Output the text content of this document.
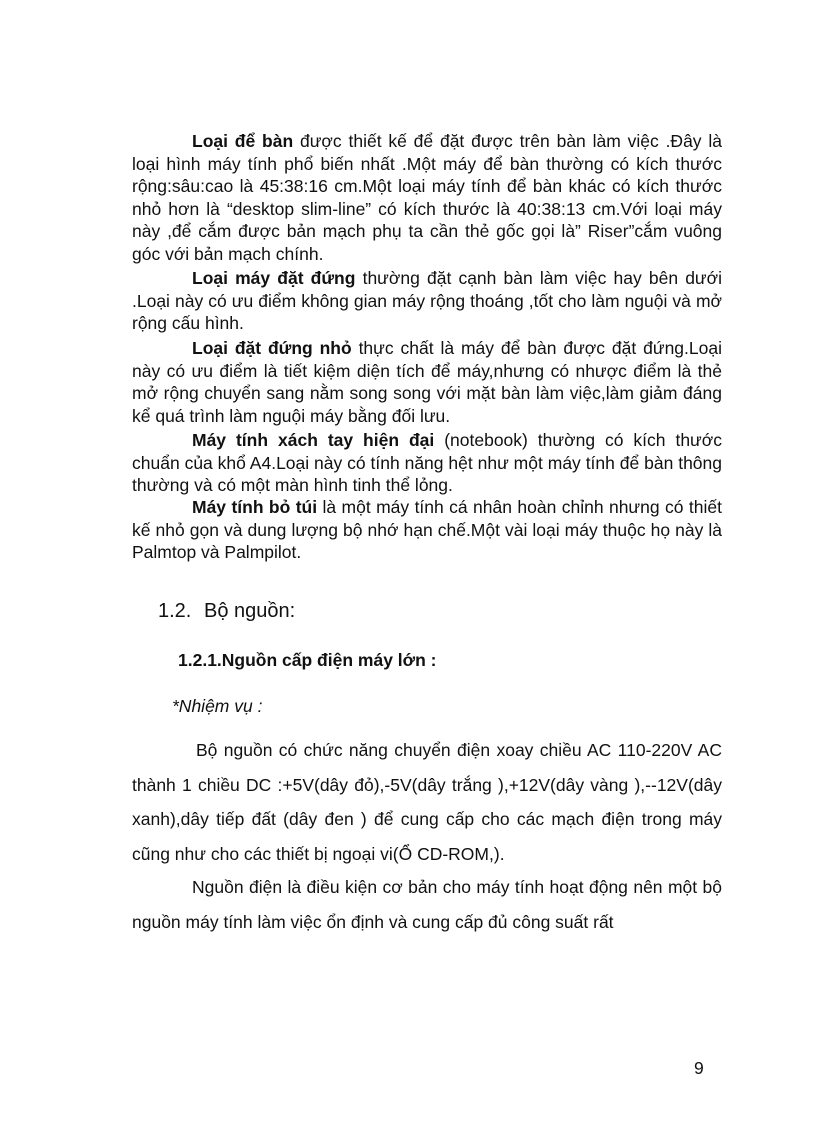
Loại để bàn được thiết kế để đặt được trên bàn làm việc .Đây là loại hình máy tính phổ biến nhất .Một máy để bàn thường có kích thước rộng:sâu:cao là 45:38:16 cm.Một loại máy tính để bàn khác có kích thước nhỏ hơn là “desktop slim-line” có kích thước là 40:38:13 cm.Với loại máy này ,để cắm được bản mạch phụ ta cần thẻ gốc gọi là” Riser”cắm vuông góc với bản mạch chính.

Loại máy đặt đứng thường đặt cạnh bàn làm việc hay bên dưới .Loại này có ưu điểm không gian máy rộng thoáng ,tốt cho làm nguội và mở rộng cấu hình.

Loại đặt đứng nhỏ thực chất là máy để bàn được đặt đứng.Loại này có ưu điểm là tiết kiệm diện tích để máy,nhưng có nhược điểm là thẻ mở rộng chuyển sang nằm song song với mặt bàn làm việc,làm giảm đáng kể quá trình làm nguội máy bằng đối lưu.

Máy tính xách tay hiện đại (notebook) thường có kích thước chuẩn của khổ A4.Loại này có tính năng hệt như một máy tính để bàn thông thường và có một màn hình tinh thể lỏng.

Máy tính bỏ túi là một máy tính cá nhân hoàn chỉnh nhưng có thiết kế nhỏ gọn và dung lượng bộ nhớ hạn chế.Một vài loại máy thuộc họ này là Palmtop và Palmpilot.

1.2. Bộ nguồn:
1.2.1.Nguồn cấp điện máy lớn :

*Nhiệm vụ :

Bộ nguồn có chức năng chuyển điện xoay chiều AC 110-220V AC thành 1 chiều DC :+5V(dây đỏ),-5V(dây trắng ),+12V(dây vàng ),--12V(dây xanh),dây tiếp đất (dây đen ) để cung cấp cho các mạch điện trong máy cũng như cho các thiết bị ngoại vi(Ổ CD-ROM,).

Nguồn điện là điều kiện cơ bản cho máy tính hoạt động nên một bộ nguồn máy tính làm việc ổn định và cung cấp đủ công suất rất

9
